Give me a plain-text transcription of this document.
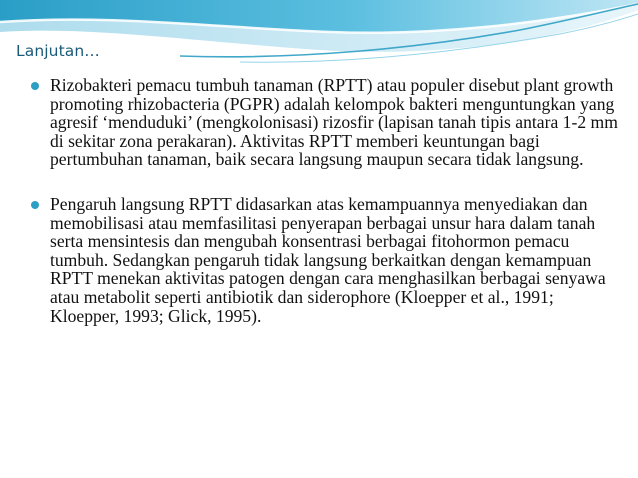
Lanjutan…
Rizobakteri pemacu tumbuh tanaman (RPTT) atau populer disebut plant growth promoting rhizobacteria (PGPR) adalah kelompok bakteri menguntungkan yang agresif ‘menduduki’ (mengkolonisasi) rizosfir (lapisan tanah tipis antara 1-2 mm di sekitar zona perakaran). Aktivitas RPTT memberi keuntungan bagi pertumbuhan tanaman, baik secara langsung maupun secara tidak langsung.
Pengaruh langsung RPTT didasarkan atas kemampuannya menyediakan dan memobilisasi atau memfasilitasi penyerapan berbagai unsur hara dalam tanah serta mensintesis dan mengubah konsentrasi berbagai fitohormon pemacu tumbuh. Sedangkan pengaruh tidak langsung berkaitkan dengan kemampuan RPTT menekan aktivitas patogen dengan cara menghasilkan berbagai senyawa atau metabolit seperti antibiotik dan siderophore (Kloepper et al., 1991; Kloepper, 1993; Glick, 1995).
